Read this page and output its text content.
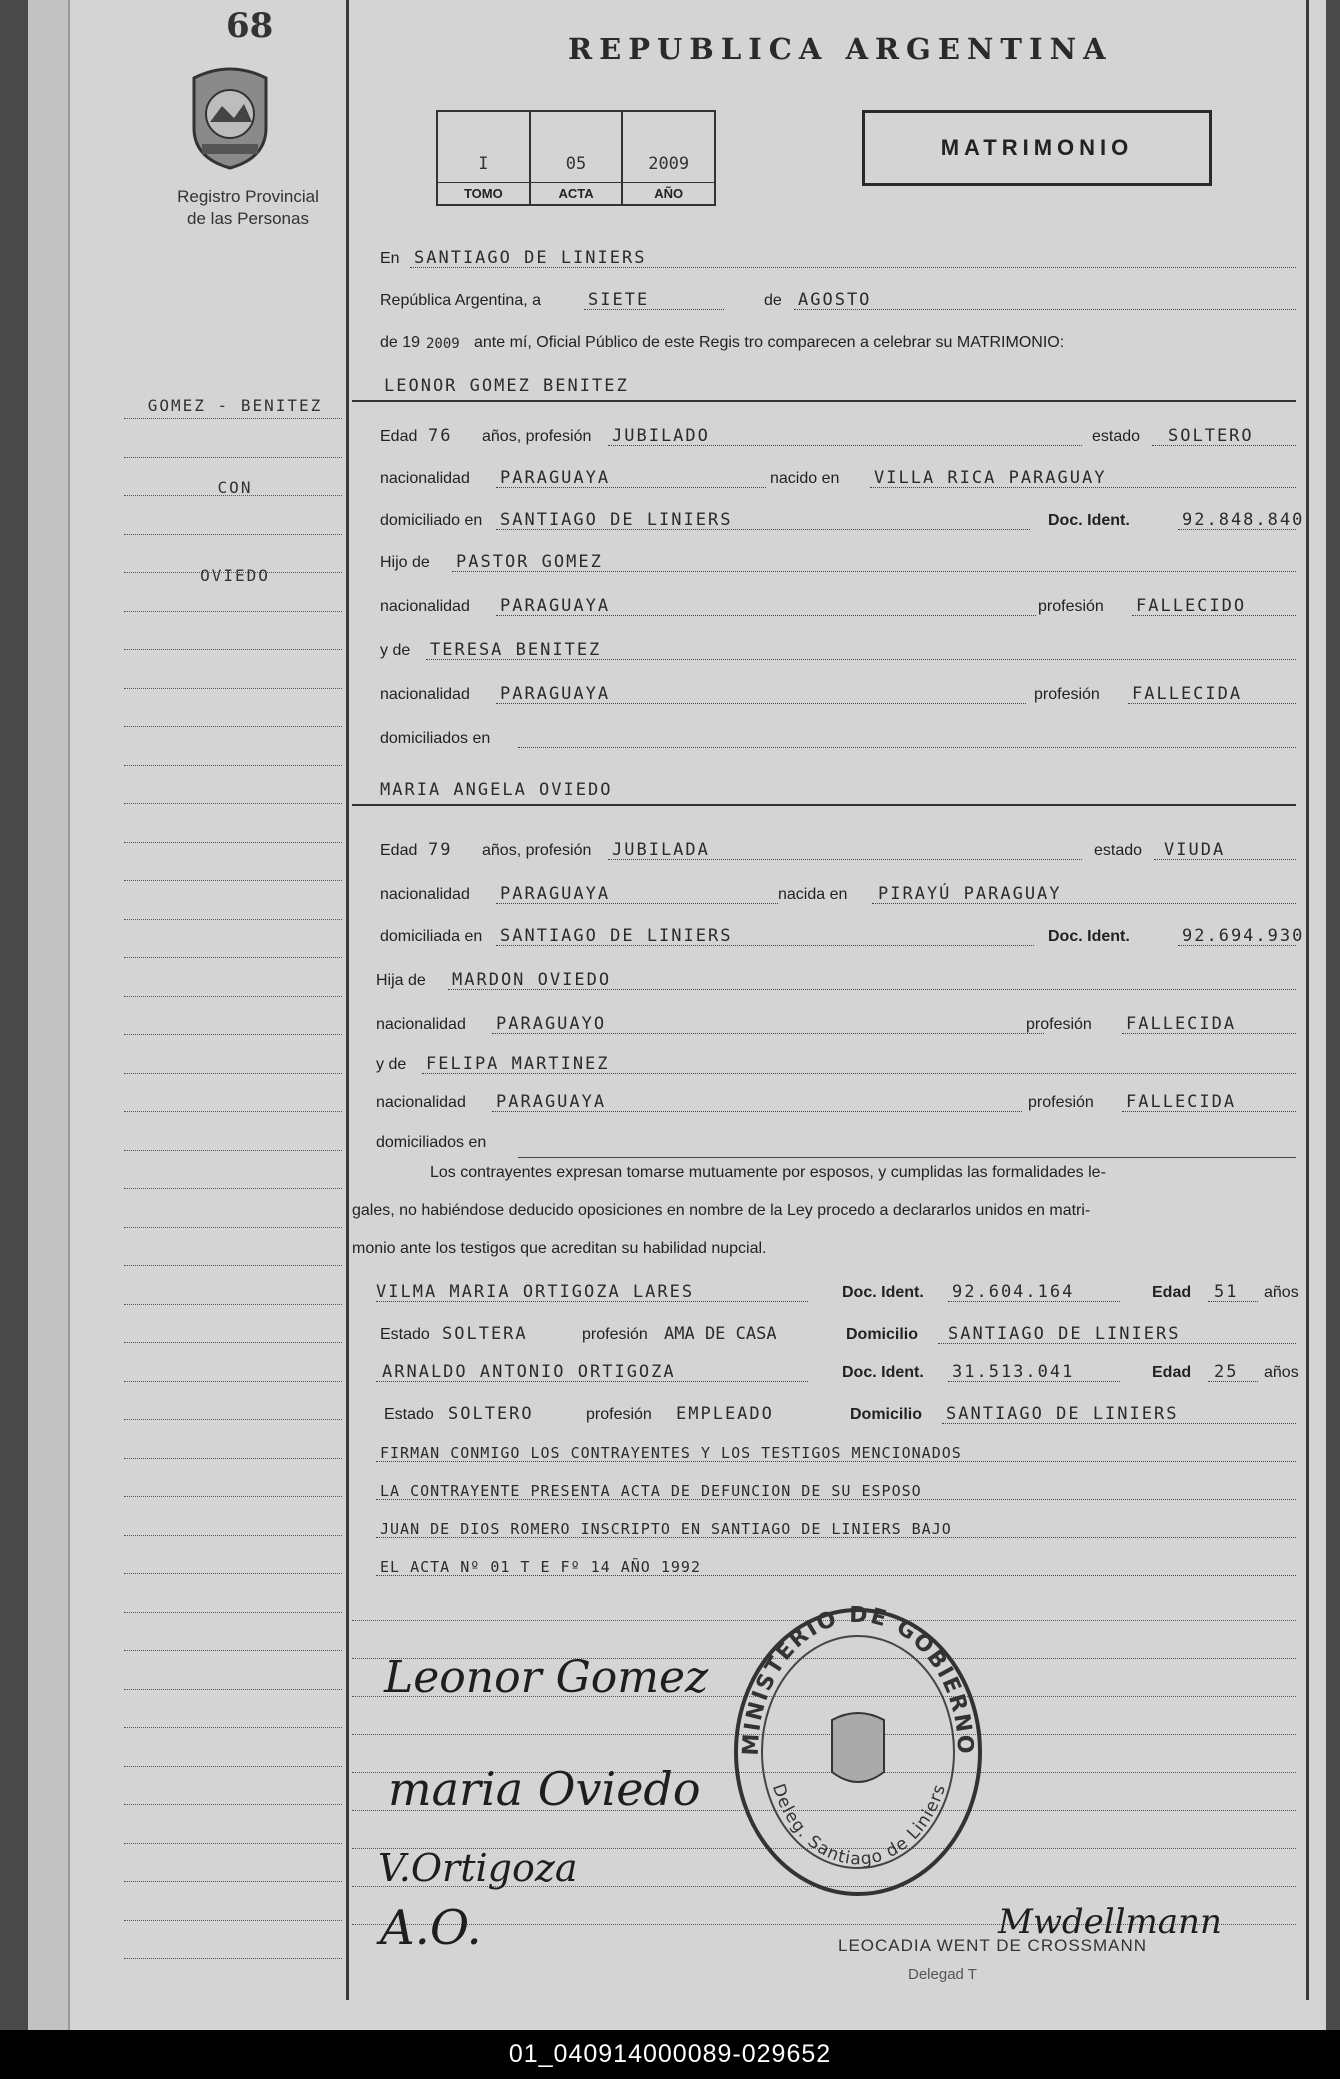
68
Registro Provincial
de las Personas
GOMEZ - BENITEZ
CON
OVIEDO
REPUBLICA ARGENTINA
I
TOMO
05
ACTA
2009
AÑO
MATRIMONIO
En SANTIAGO DE LINIERS
República Argentina, a	SIETE	de AGOSTO
de 19 2009 ante mí, Oficial Público de este Regis tro comparecen a celebrar su MATRIMONIO:
LEONOR GOMEZ BENITEZ
Edad 76 años, profesión JUBILADO	estado SOLTERO
nacionalidad PARAGUAYA	nacido en VILLA RICA PARAGUAY
domiciliado en SANTIAGO DE LINIERS	Doc. Ident.	92.848.840
Hijo de PASTOR GOMEZ
nacionalidad PARAGUAYA	profesión FALLECIDO
y de TERESA BENITEZ
nacionalidad PARAGUAYA	profesión FALLECIDA
domiciliados en
MARIA ANGELA OVIEDO
Edad 79 años, profesión JUBILADA	estado VIUDA
nacionalidad PARAGUAYA	nacida en PIRAYÚ PARAGUAY
domiciliada en SANTIAGO DE LINIERS	Doc. Ident.	92.694.930
Hija de MARDON OVIEDO
nacionalidad PARAGUAYO	profesión FALLECIDA
y de FELIPA MARTINEZ
nacionalidad PARAGUAYA	profesión FALLECIDA
domiciliados en
Los contrayentes expresan tomarse mutuamente por esposos, y cumplidas las formalidades le-
gales, no habiéndose deducido oposiciones en nombre de la Ley procedo a declararlos unidos en matri-
monio ante los testigos que acreditan su habilidad nupcial.
VILMA MARIA ORTIGOZA LARES	Doc. Ident. 92.604.164	Edad 51 años
Estado SOLTERA	profesión AMA DE CASA	Domicilio SANTIAGO DE LINIERS
ARNALDO ANTONIO ORTIGOZA	Doc. Ident. 31.513.041	Edad 25 años
Estado SOLTERO	profesión EMPLEADO	Domicilio SANTIAGO DE LINIERS
FIRMAN CONMIGO LOS CONTRAYENTES Y LOS TESTIGOS MENCIONADOS
LA CONTRAYENTE PRESENTA ACTA DE DEFUNCION DE SU ESPOSO
JUAN DE DIOS ROMERO INSCRIPTO EN SANTIAGO DE LINIERS BAJO
EL ACTA Nº 01 T E Fº 14 AÑO 1992
Leonor Gomez
maria Oviedo
V.Ortigoza
A.O.	Mwdellmann
MINISTERIO DE GOBIERNO
Deleg. Santiago de Liniers
LEOCADIA WENT DE CROSSMANN
Delegad T
01_040914000089-029652
